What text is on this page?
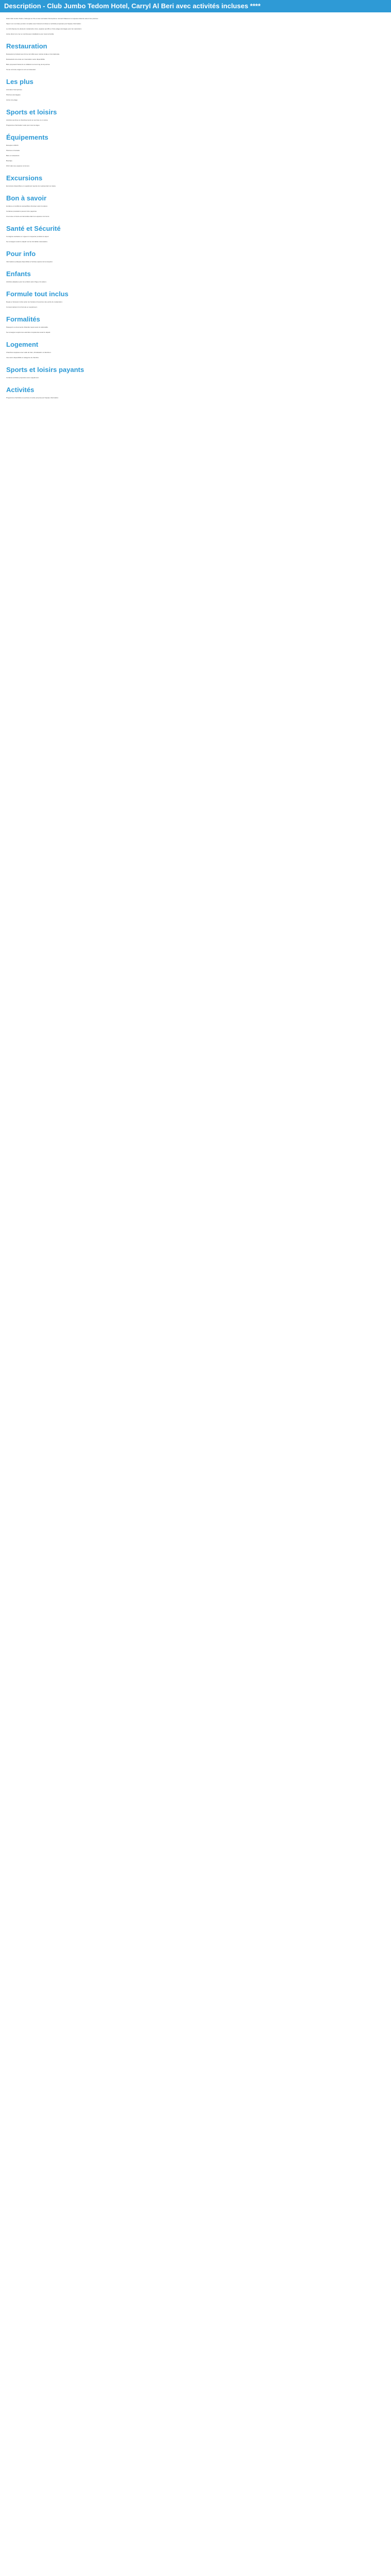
Description - Club Jumbo Tedom Hotel, Carryl Al Beri avec activités incluses ****

Hôtel Club Jumbo Tedom, hébergé sur l'île et avec animation francophone. Accueil chaleureux et espaces détente autour des piscines.

Séjour sur une base pension complète avec boissons incluses et activités proposées par l'équipe d'animation.

Le club dispose de plusieurs restaurants, bars, espaces sportifs et d'une plage aménagée pour les vacanciers.

Accès direct à la mer et nombreuses installations pour toute la famille.

Restauration

Restaurant principal sous forme de buffet avec cuisine locale et internationale.

Restaurants à la carte sur réservation selon disponibilité.

Bars proposant boissons et collations tout au long de la journée.

Tenue correcte exigée le soir au restaurant.

Les plus

Animation francophone

Piscines aménagées

Accès à la plage

Sports et loisirs

Activités sportives et divertissements en journée et en soirée.

Programme d'animation varié pour tous les âges.

Équipements

Réception 24h/24

Piscines et transats

Bars et restaurants

Boutique

Wi-Fi dans les espaces communs

Excursions

Excursions disponibles en supplément auprès du représentant sur place.

Bon à savoir

Horaires et conditions susceptibles d'évoluer selon la saison.

Certaines prestations peuvent être payantes.

Une tenue correcte est demandée dans les espaces communs.

Santé et Sécurité

Consignes sanitaires en vigueur à respecter pendant le séjour.

Se renseigner avant le départ sur les formalités nécessaires.

Pour info

Informations pratiques disponibles à l'arrivée auprès de la réception.

Enfants

Activités adaptées pour les enfants selon l'âge et la saison.

Formule tout inclus

Repas et boissons inclus selon les horaires d'ouverture des points de restauration.

Consommations hors formule en supplément.

Formalités

Passeport ou documents d'identité requis selon la nationalité.

Se renseigner auprès des autorités compétentes avant le départ.

Logement

Chambres équipées avec salle de bain, climatisation et télévision.

Vue selon disponibilité et catégorie de chambre.

Sports et loisirs payants

Certaines activités proposées avec supplément.

Activités

Programme d'activités en journée et soirée proposé par l'équipe d'animation.
